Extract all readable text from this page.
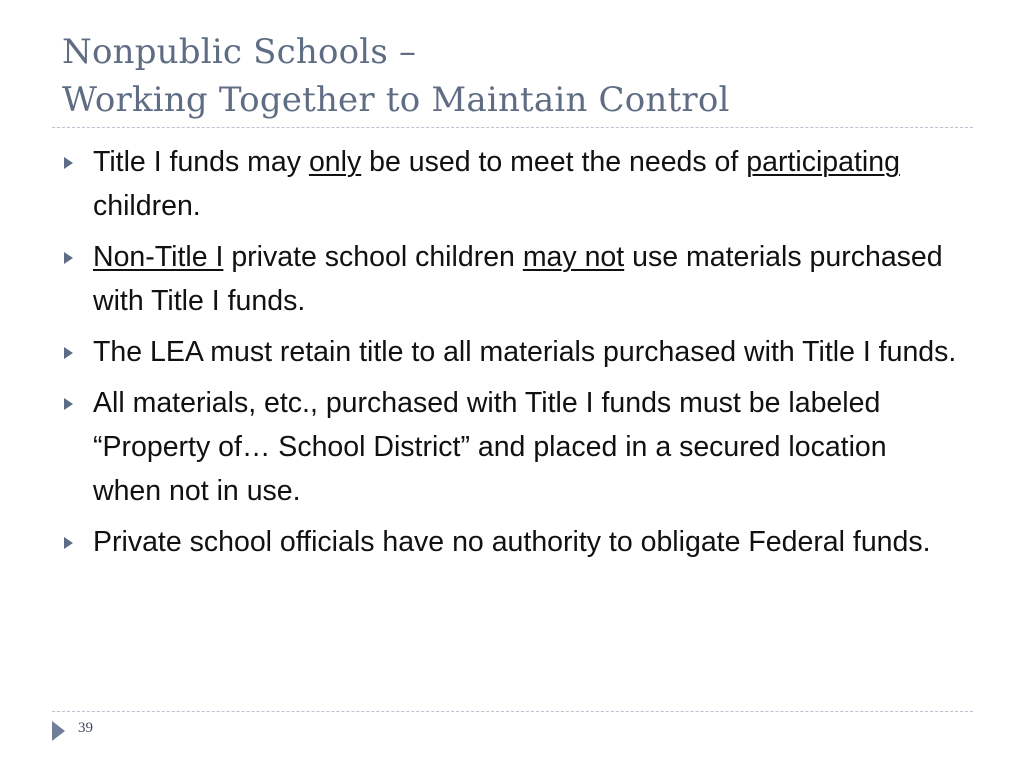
Nonpublic Schools –
Working Together to Maintain Control
Title I funds may only be used to meet the needs of participating children.
Non-Title I private school children may not use materials purchased with Title I funds.
The LEA must retain title to all materials purchased with Title I funds.
All materials, etc., purchased with Title I funds must be labeled “Property of… School District” and placed in a secured location when not in use.
Private school officials have no authority to obligate Federal funds.
39
